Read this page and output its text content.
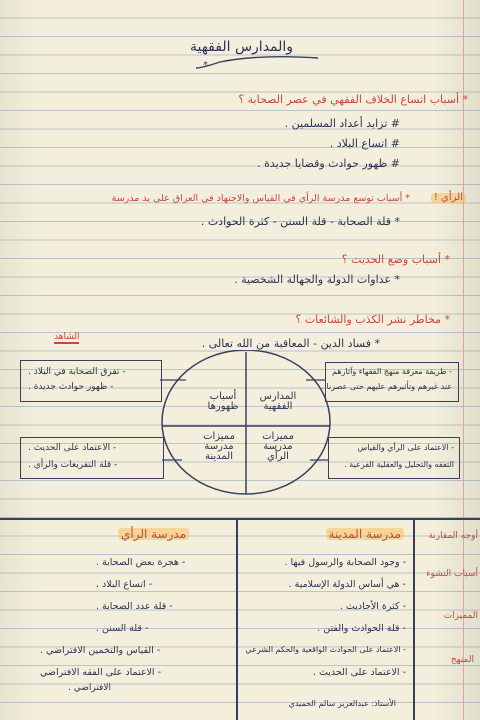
والمدارس الفقهية
*
* أسباب اتساع الخلاف الفقهي في عصر الصحابة ؟
# تزايد أعداد المسلمين .
# اتساع البلاد .
# ظهور حوادث وقضايا جديدة .
* أسباب توسع مدرسة الرأي في القياس والاجتهاد في العراق على يد مدرسة	الرأي !
* قلة الصحابة - قلة السنن - كثرة الحوادث .
* أسباب وضع الحديث ؟
* عداوات الدولة والجهالة الشخصية .
* مخاطر نشر الكذب والشائعات ؟
* فساد الدين - المعاقبة من الله تعالى .
الشاهد
- تفرق الصحابة في البلاد .
- ظهور حوادث جديدة .
- طريقة معرفة منهج الفقهاء وآثارهم
عند غيرهم وتأثيرهم عليهم حتى عصرنا .
- الاعتماد على الحديث .
- قلة التفريعات والرأي .
- الاعتماد على الرأي والقياس
التفقه والتحليل والعقلية الفرعية .
أسباب ظهورها
المدارس الفقهية
مميزات مدرسة المدينة
مميزات مدرسة الرأي
مدرسة المدينة
مدرسة الرأي	أوجه المقارنة
أسباب النشوء
المميزات
المنهج
- وجود الصحابة والرسول فيها .
- هي أساس الدولة الإسلامية .
- كثرة الأحاديث .
- قلة الحوادث والفتن .
- الاعتماد على الحوادث الواقعية والحكم الشرعي
- الاعتماد على الحديث .
- هجرة بعض الصحابة .
- اتساع البلاد .
- قلة عدد الصحابة .
- قلة السنن .
- القياس والتخمين الافتراضي .
- الاعتماد على الفقه الافتراضي
الافتراضي .
الأستاذ: عبدالعزيز سالم الحميدي
